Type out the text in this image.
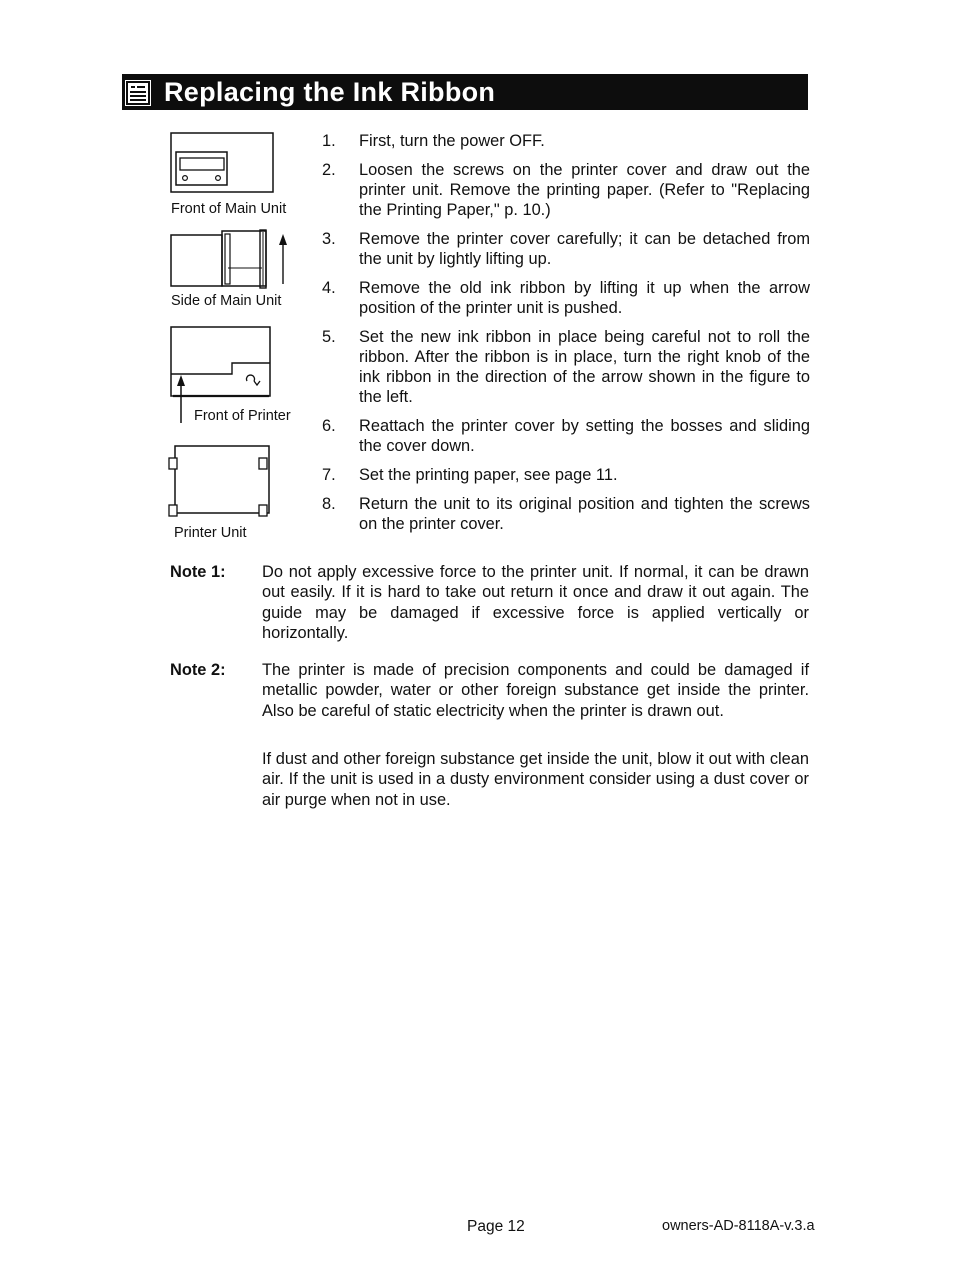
Replacing the Ink Ribbon
Front of Main Unit
Side of Main Unit
Front of Printer
Printer Unit
1.	First, turn the power OFF.
2.	Loosen the screws on the printer cover and draw out the printer unit. Remove the printing paper. (Refer to "Replacing the Printing Paper," p. 10.)
3.	Remove the printer cover carefully; it can be detached from the unit by lightly lifting up.
4.	Remove the old ink ribbon by lifting it up when the arrow position of the printer unit is pushed.
5.	Set the new ink ribbon in place being careful not to roll the ribbon. After the ribbon is in place, turn the right knob of the ink ribbon in the direction of the arrow shown in the figure to the left.
6.	Reattach the printer cover by setting the bosses and sliding the cover down.
7.	Set the printing paper, see page 11.
8.	Return the unit to its original position and tighten the screws on the printer cover.
Note 1: Do not apply excessive force to the printer unit. If normal, it can be drawn out easily. If it is hard to take out return it once and draw it out again. The guide may be damaged if excessive force is applied vertically or horizontally.
Note 2: The printer is made of precision components and could be damaged if metallic powder, water or other foreign substance get inside the printer. Also be careful of static electricity when the printer is drawn out.
If dust and other foreign substance get inside the unit, blow it out with clean air. If the unit is used in a dusty environment consider using a dust cover or air purge when not in use.
Page 12	owners-AD-8118A-v.3.a
